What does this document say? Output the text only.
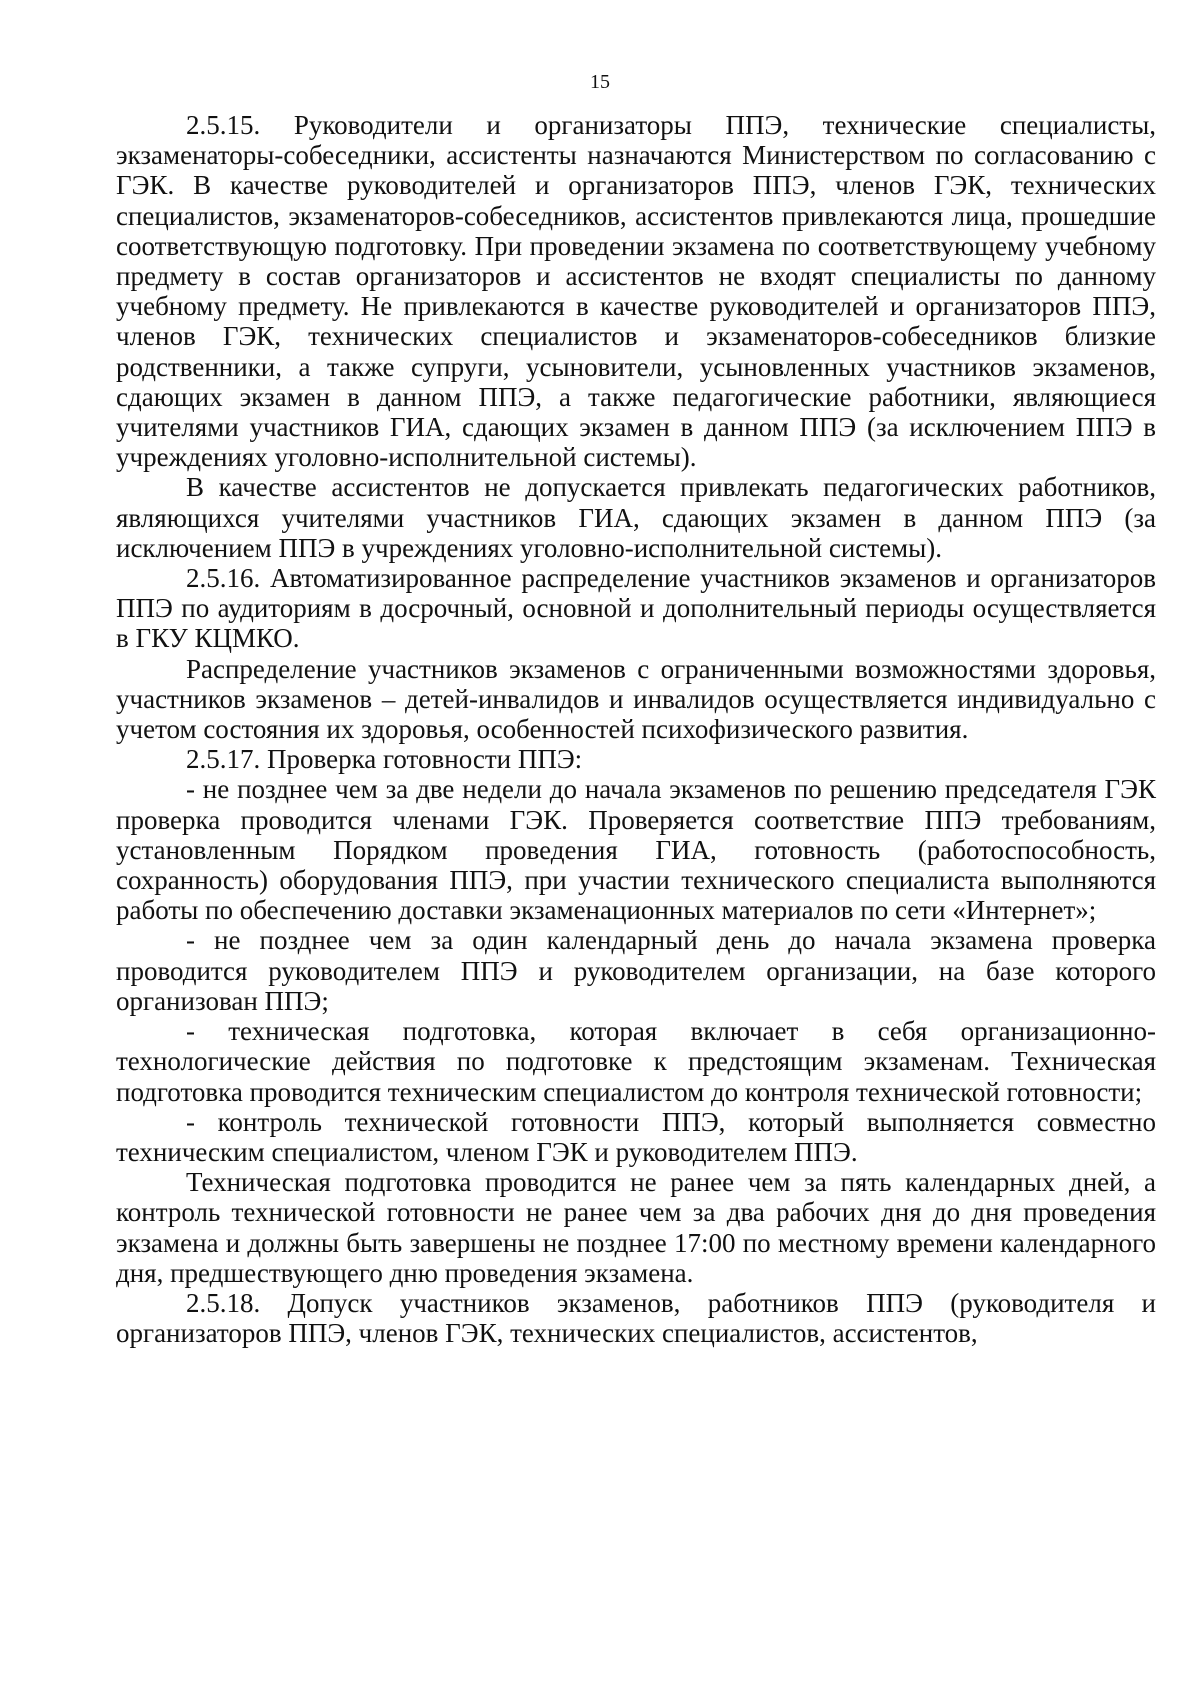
15

2.5.15. Руководители и организаторы ППЭ, технические специалисты, экзаменаторы-собеседники, ассистенты назначаются Министерством по согласованию с ГЭК. В качестве руководителей и организаторов ППЭ, членов ГЭК, технических специалистов, экзаменаторов-собеседников, ассистентов привлекаются лица, прошедшие соответствующую подготовку. При проведении экзамена по соответствующему учебному предмету в состав организаторов и ассистентов не входят специалисты по данному учебному предмету. Не привлекаются в качестве руководителей и организаторов ППЭ, членов ГЭК, технических специалистов и экзаменаторов-собеседников близкие родственники, а также супруги, усыновители, усыновленных участников экзаменов, сдающих экзамен в данном ППЭ, а также педагогические работники, являющиеся учителями участников ГИА, сдающих экзамен в данном ППЭ (за исключением ППЭ в учреждениях уголовно-исполнительной системы).

В качестве ассистентов не допускается привлекать педагогических работников, являющихся учителями участников ГИА, сдающих экзамен в данном ППЭ (за исключением ППЭ в учреждениях уголовно-исполнительной системы).

2.5.16. Автоматизированное распределение участников экзаменов и организаторов ППЭ по аудиториям в досрочный, основной и дополнительный периоды осуществляется в ГКУ КЦМКО.

Распределение участников экзаменов с ограниченными возможностями здоровья, участников экзаменов – детей-инвалидов и инвалидов осуществляется индивидуально с учетом состояния их здоровья, особенностей психофизического развития.

2.5.17. Проверка готовности ППЭ:

- не позднее чем за две недели до начала экзаменов по решению председателя ГЭК проверка проводится членами ГЭК. Проверяется соответствие ППЭ требованиям, установленным Порядком проведения ГИА, готовность (работоспособность, сохранность) оборудования ППЭ, при участии технического специалиста выполняются работы по обеспечению доставки экзаменационных материалов по сети «Интернет»;

- не позднее чем за один календарный день до начала экзамена проверка проводится руководителем ППЭ и руководителем организации, на базе которого организован ППЭ;

- техническая подготовка, которая включает в себя организационно-технологические действия по подготовке к предстоящим экзаменам. Техническая подготовка проводится техническим специалистом до контроля технической готовности;

- контроль технической готовности ППЭ, который выполняется совместно техническим специалистом, членом ГЭК и руководителем ППЭ.

Техническая подготовка проводится не ранее чем за пять календарных дней, а контроль технической готовности не ранее чем за два рабочих дня до дня проведения экзамена и должны быть завершены не позднее 17:00 по местному времени календарного дня, предшествующего дню проведения экзамена.

2.5.18. Допуск участников экзаменов, работников ППЭ (руководителя и организаторов ППЭ, членов ГЭК, технических специалистов, ассистентов,
